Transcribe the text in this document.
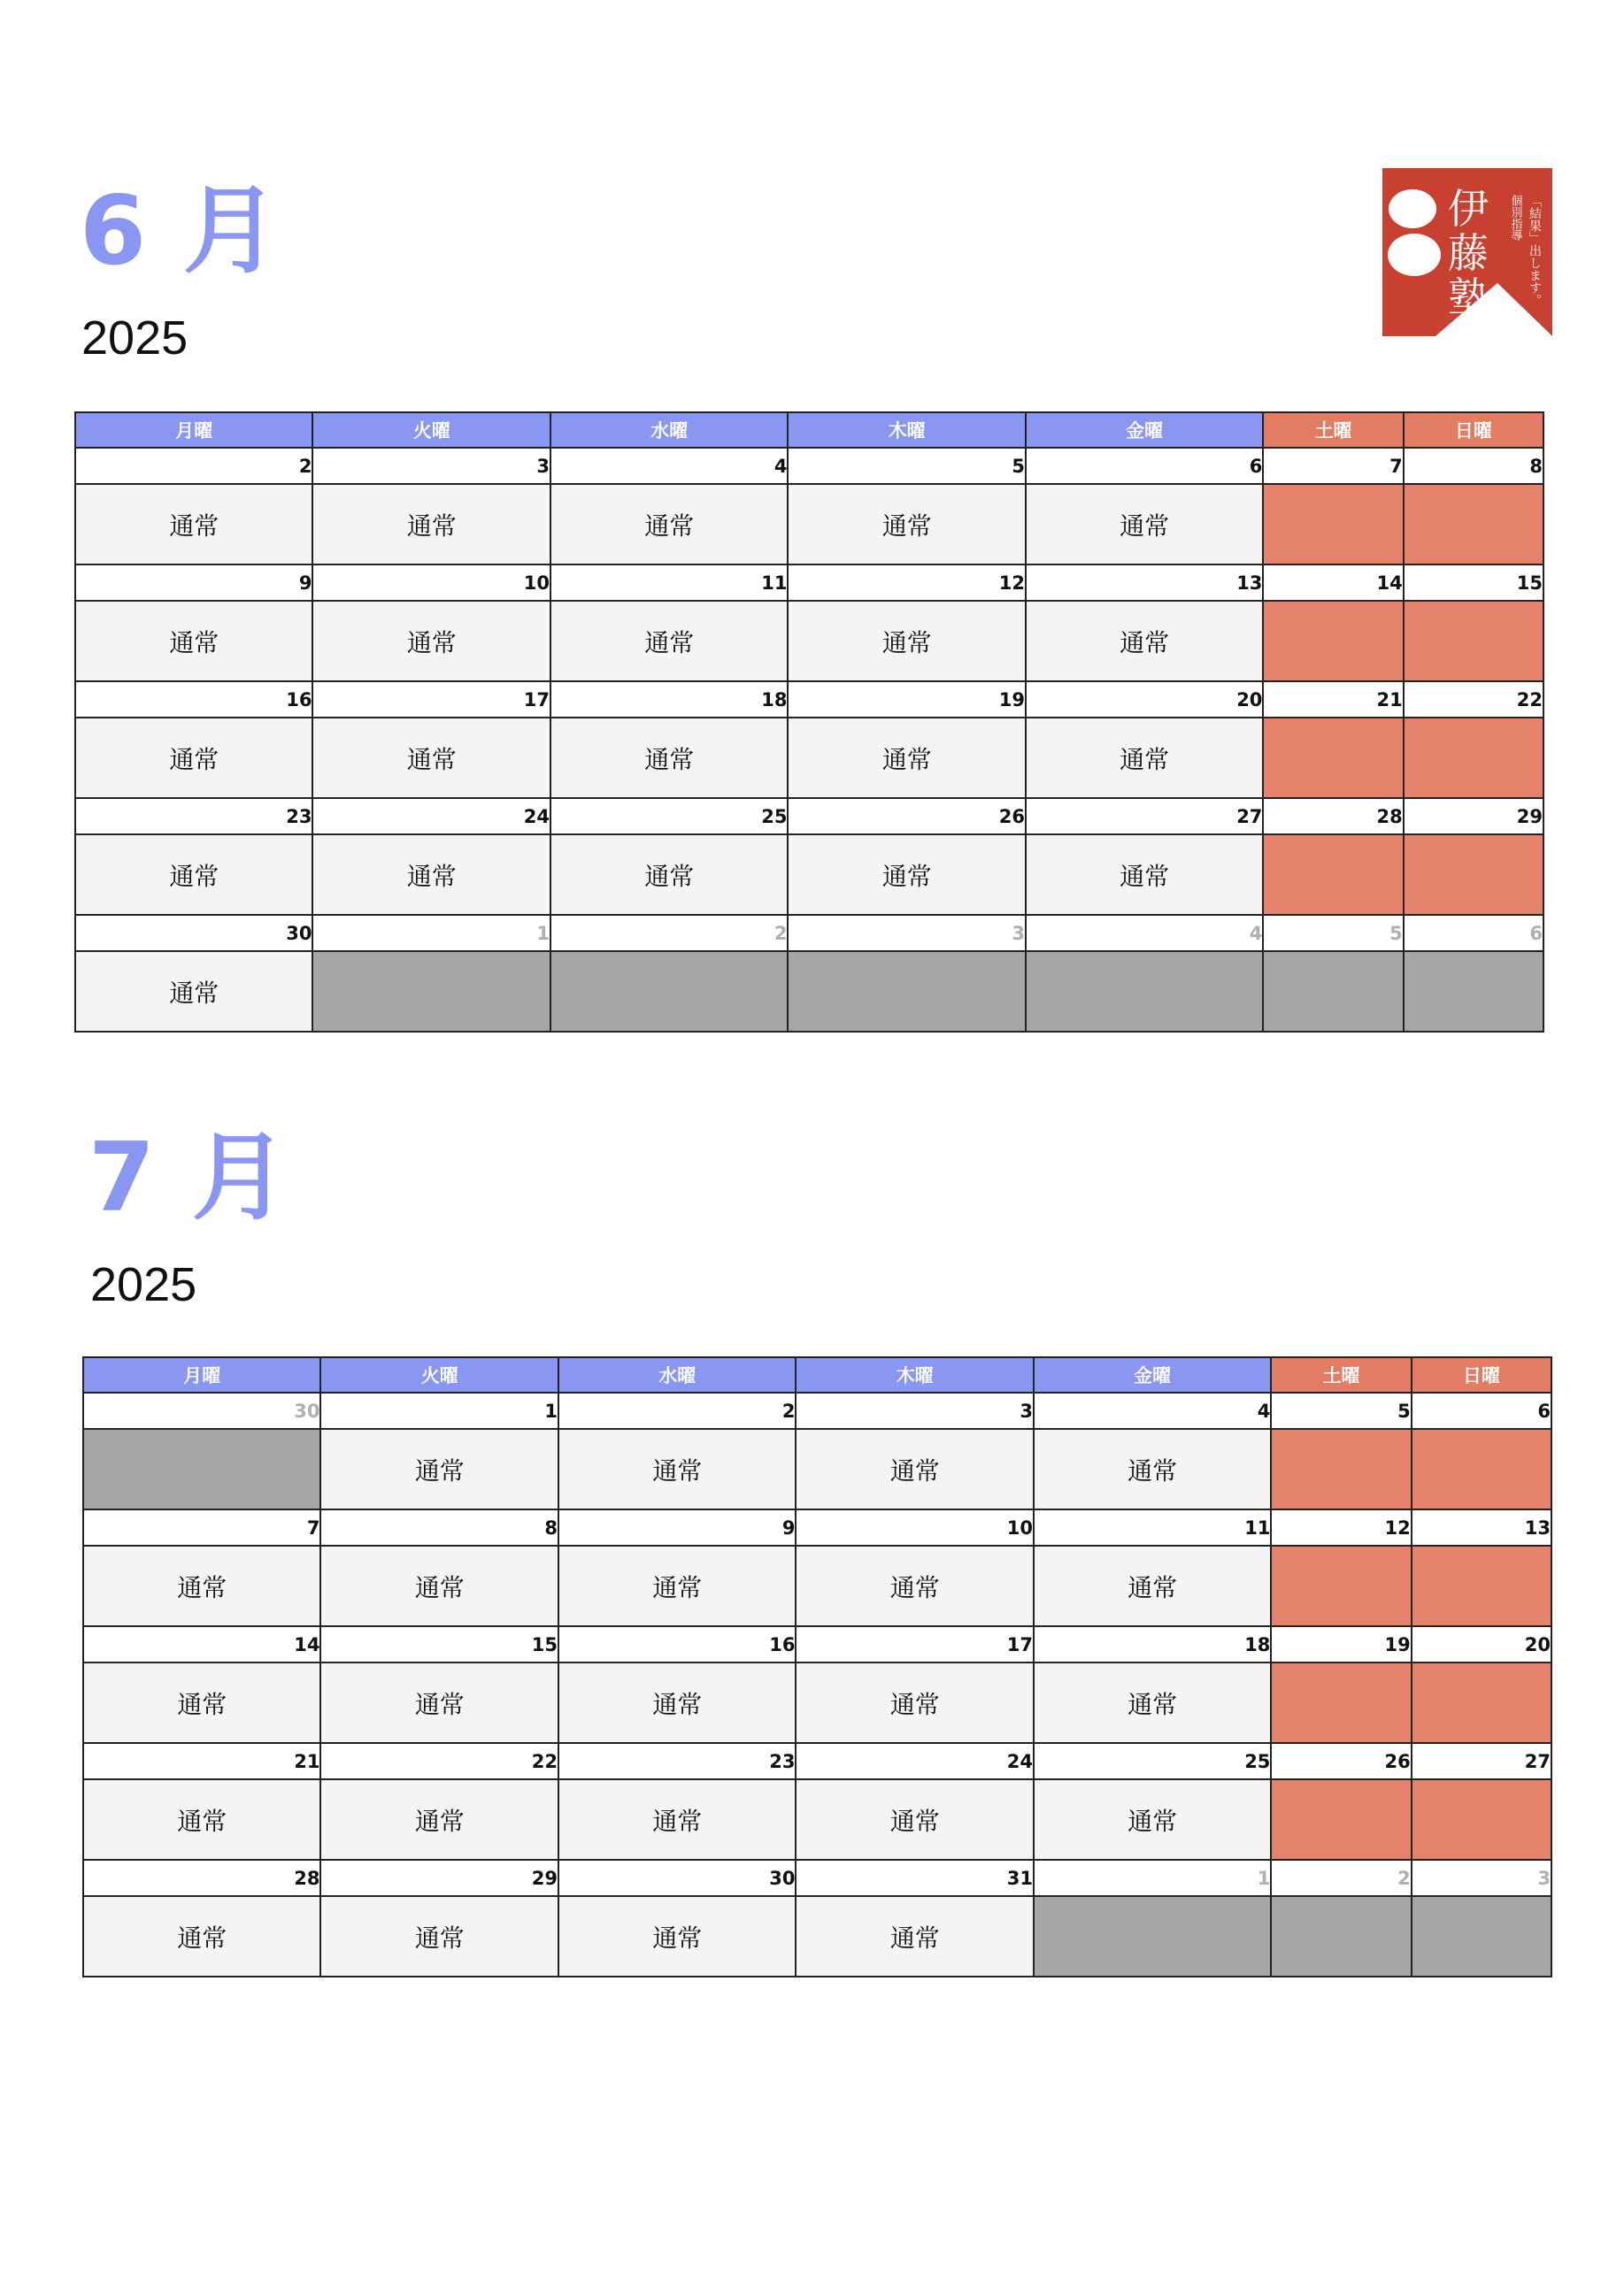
伊
藤
塾
個別指導 「結果」出します。
6 月
2025
月曜	火曜	水曜	木曜	金曜	土曜	日曜
2	3	4	5	6	7	8
通常	通常	通常	通常	通常		
9	10	11	12	13	14	15
通常	通常	通常	通常	通常		
16	17	18	19	20	21	22
通常	通常	通常	通常	通常		
23	24	25	26	27	28	29
通常	通常	通常	通常	通常		
30	1	2	3	4	5	6
通常						
7 月
2025
月曜	火曜	水曜	木曜	金曜	土曜	日曜
30	1	2	3	4	5	6
	通常	通常	通常	通常		
7	8	9	10	11	12	13
通常	通常	通常	通常	通常		
14	15	16	17	18	19	20
通常	通常	通常	通常	通常		
21	22	23	24	25	26	27
通常	通常	通常	通常	通常		
28	29	30	31	1	2	3
通常	通常	通常	通常			
